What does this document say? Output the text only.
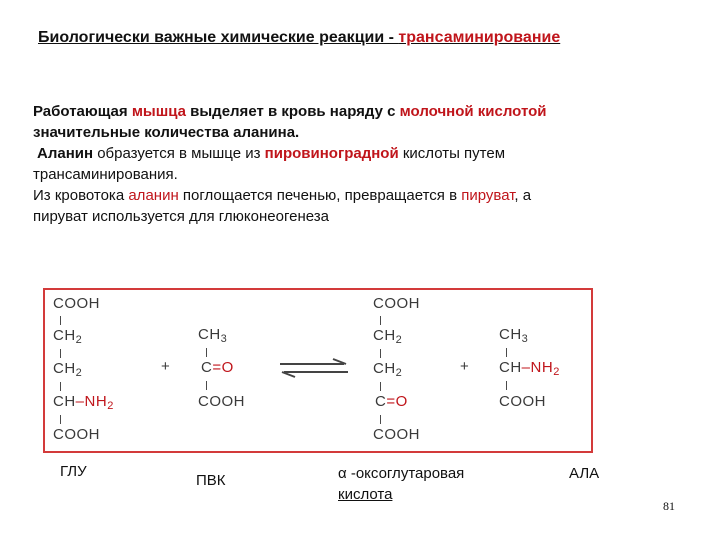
Биологически важные химические реакции - трансаминирование
Работающая мышца выделяет в кровь наряду с молочной кислотой
значительные количества аланина.
Аланин образуется в мышце из пировиноградной кислоты путем
трансаминирования.
Из кровотока аланин поглощается печенью, превращается в пируват, а
пируват используется для глюконеогенеза
COOH
$CH_2$
$CH_2$
$CH-NH_2$
COOH
+
$CH_3$
C=O
COOH
COOH
$CH_2$
$CH_2$
C=O
COOH
+
$CH_3$
$CH-NH_2$
COOH
ГЛУ
ПВК	α -оксоглутаровая
кислота
АЛА
81
